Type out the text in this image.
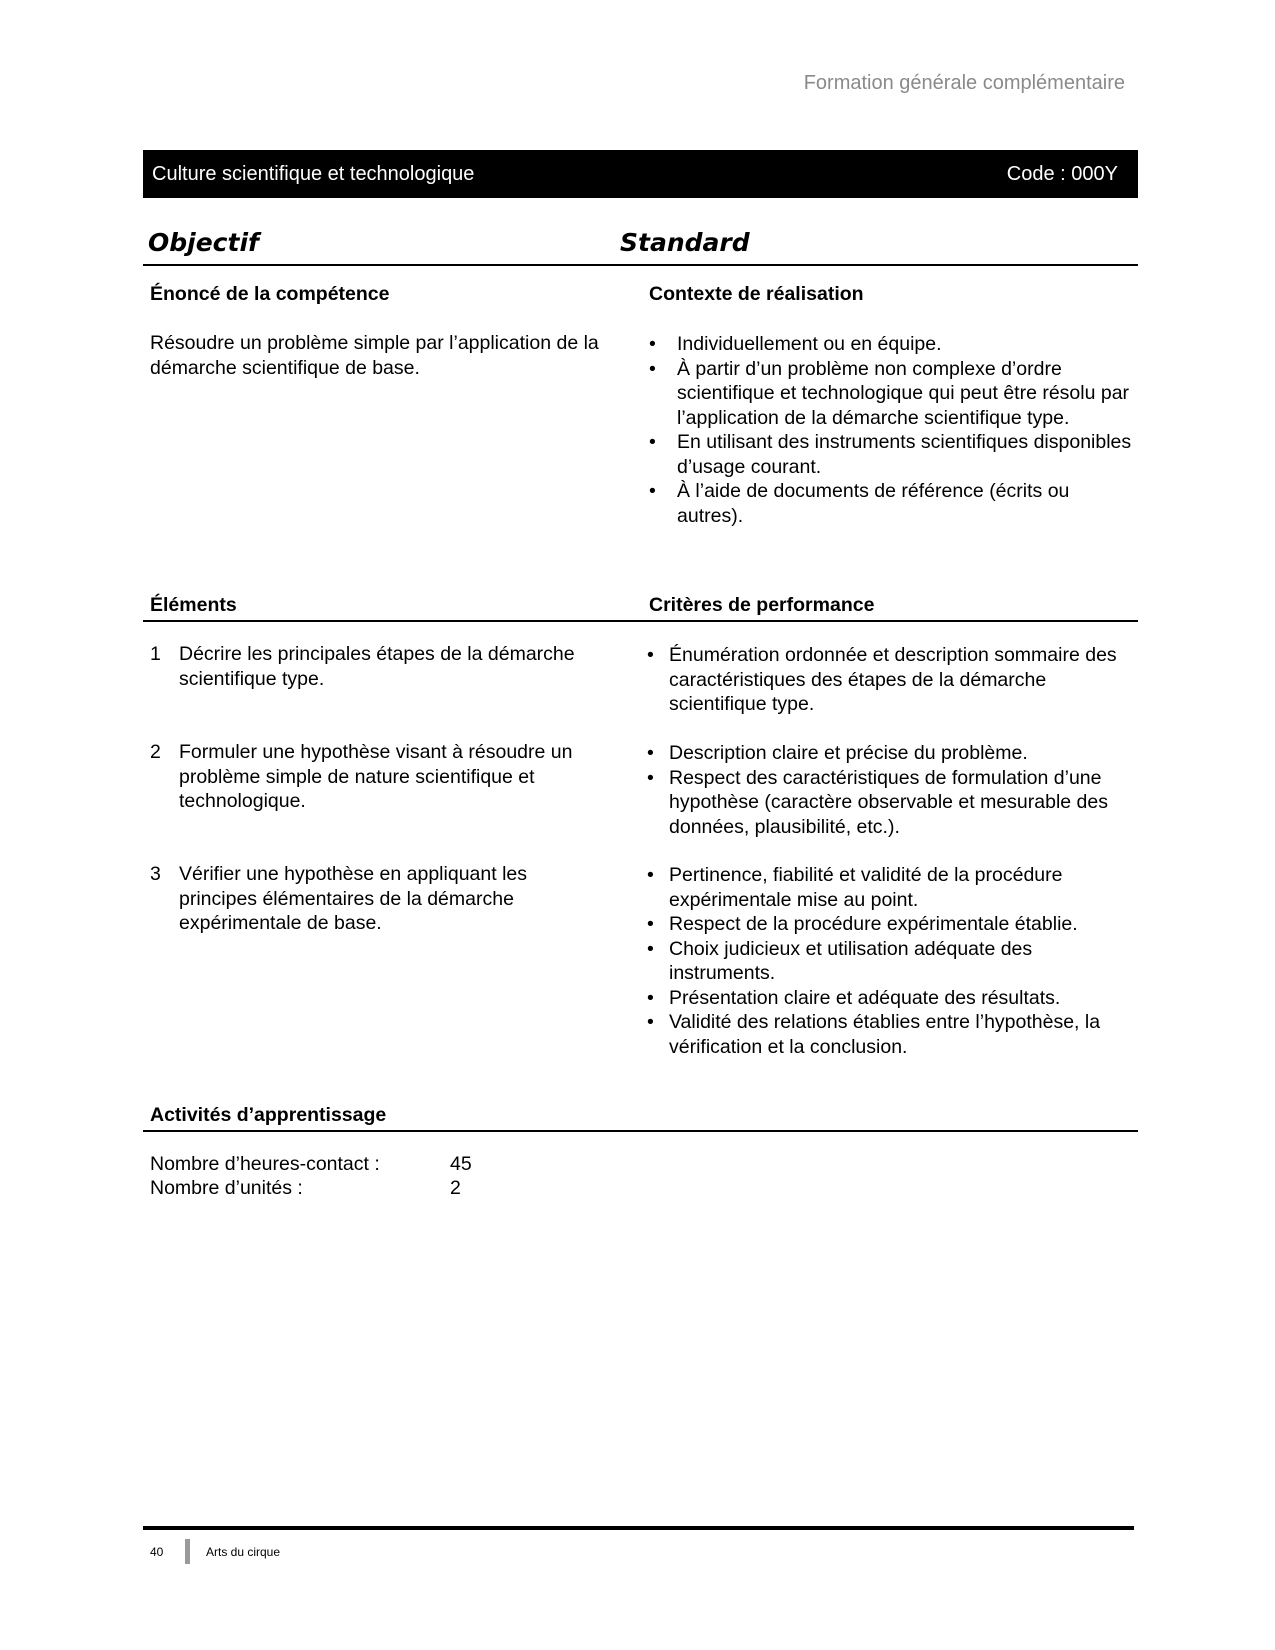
Formation générale complémentaire
Culture scientifique et technologique	Code : 000Y
Objectif	Standard
Énoncé de la compétence	Contexte de réalisation
Résoudre un problème simple par l’application de la démarche scientifique de base.
• Individuellement ou en équipe.
• À partir d’un problème non complexe d’ordre scientifique et technologique qui peut être résolu par l’application de la démarche scientifique type.
• En utilisant des instruments scientifiques disponibles d’usage courant.
• À l’aide de documents de référence (écrits ou autres).
Éléments	Critères de performance
1 Décrire les principales étapes de la démarche scientifique type.
• Énumération ordonnée et description sommaire des caractéristiques des étapes de la démarche scientifique type.
2 Formuler une hypothèse visant à résoudre un problème simple de nature scientifique et technologique.
• Description claire et précise du problème.
• Respect des caractéristiques de formulation d’une hypothèse (caractère observable et mesurable des données, plausibilité, etc.).
3 Vérifier une hypothèse en appliquant les principes élémentaires de la démarche expérimentale de base.
• Pertinence, fiabilité et validité de la procédure expérimentale mise au point.
• Respect de la procédure expérimentale établie.
• Choix judicieux et utilisation adéquate des instruments.
• Présentation claire et adéquate des résultats.
• Validité des relations établies entre l’hypothèse, la vérification et la conclusion.
Activités d’apprentissage
Nombre d’heures-contact :	45
Nombre d’unités :	2
40	Arts du cirque
